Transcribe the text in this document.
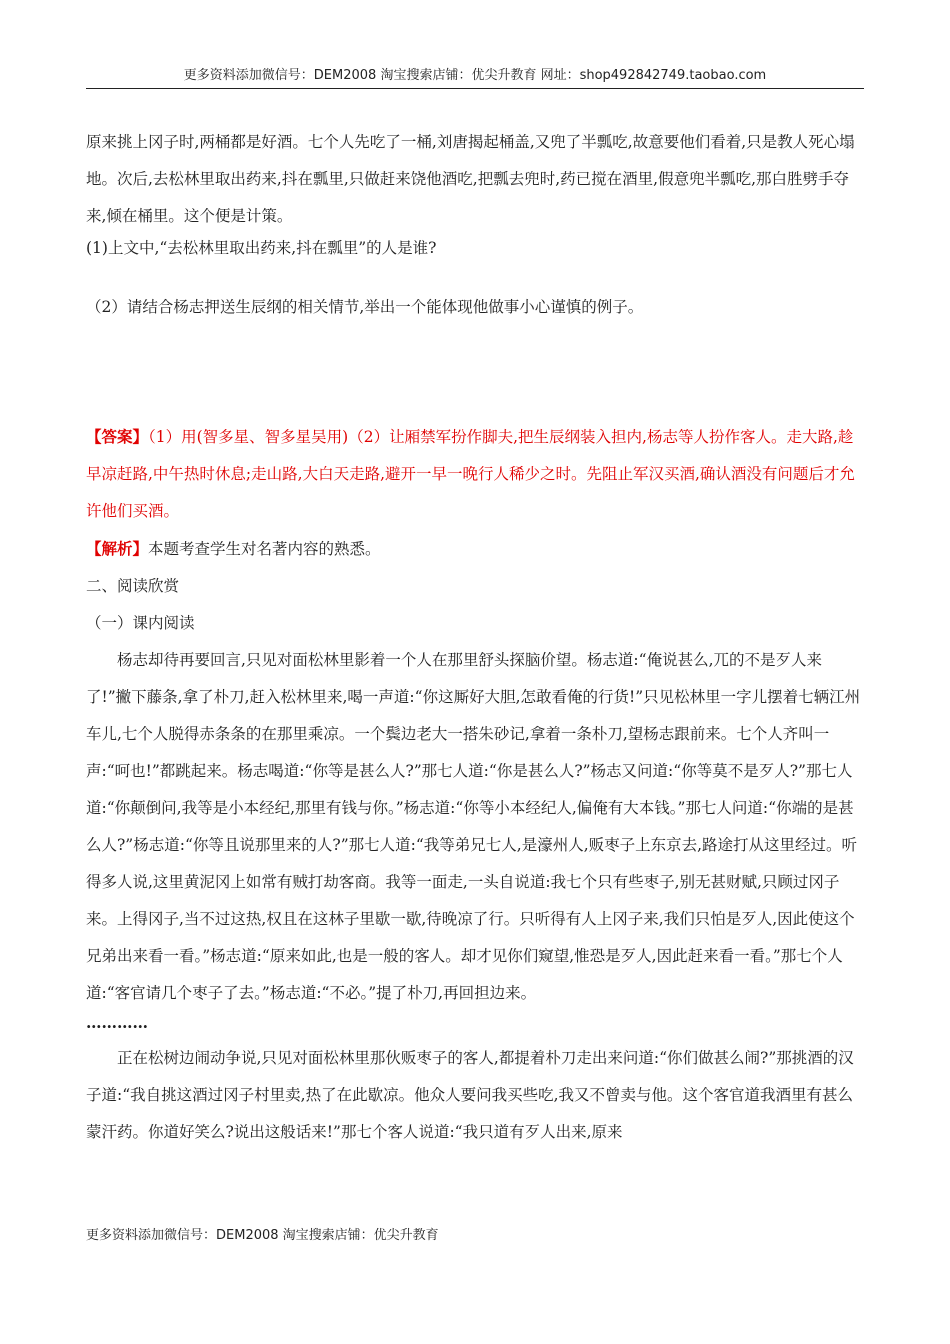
更多资料添加微信号：DEM2008 淘宝搜索店铺：优尖升教育 网址：shop492842749.taobao.com

原来挑上冈子时,两桶都是好酒。七个人先吃了一桶,刘唐揭起桶盖,又兜了半瓢吃,故意要他们看着,只是教人死心塌地。次后,去松林里取出药来,抖在瓢里,只做赶来饶他酒吃,把瓢去兜时,药已搅在酒里,假意兜半瓢吃,那白胜劈手夺来,倾在桶里。这个便是计策。

(1)上文中,“去松林里取出药来,抖在瓢里”的人是谁?

（2）请结合杨志押送生辰纲的相关情节,举出一个能体现他做事小心谨慎的例子。

【答案】（1）用(智多星、智多星吴用)（2）让厢禁军扮作脚夫,把生辰纲装入担内,杨志等人扮作客人。走大路,趁早凉赶路,中午热时休息;走山路,大白天走路,避开一早一晚行人稀少之时。先阻止军汉买酒,确认酒没有问题后才允许他们买酒。

【解析】本题考查学生对名著内容的熟悉。

二、阅读欣赏

（一）课内阅读

杨志却待再要回言,只见对面松林里影着一个人在那里舒头探脑价望。杨志道:“俺说甚么,兀的不是歹人来了!”撇下藤条,拿了朴刀,赶入松林里来,喝一声道:“你这厮好大胆,怎敢看俺的行货!”只见松林里一字儿摆着七辆江州车儿,七个人脱得赤条条的在那里乘凉。一个鬓边老大一搭朱砂记,拿着一条朴刀,望杨志跟前来。七个人齐叫一声:“呵也!”都跳起来。杨志喝道:“你等是甚么人?”那七人道:“你是甚么人?”杨志又问道:“你等莫不是歹人?”那七人道:“你颠倒问,我等是小本经纪,那里有钱与你。”杨志道:“你等小本经纪人,偏俺有大本钱。”那七人问道:“你端的是甚么人?”杨志道:“你等且说那里来的人?”那七人道:“我等弟兄七人,是濠州人,贩枣子上东京去,路途打从这里经过。听得多人说,这里黄泥冈上如常有贼打劫客商。我等一面走,一头自说道:我七个只有些枣子,别无甚财赋,只顾过冈子来。上得冈子,当不过这热,权且在这林子里歇一歇,待晚凉了行。只听得有人上冈子来,我们只怕是歹人,因此使这个兄弟出来看一看。”杨志道:“原来如此,也是一般的客人。却才见你们窥望,惟恐是歹人,因此赶来看一看。”那七个人道:“客官请几个枣子了去。”杨志道:“不必。”提了朴刀,再回担边来。

…………

正在松树边闹动争说,只见对面松林里那伙贩枣子的客人,都提着朴刀走出来问道:“你们做甚么闹?”那挑酒的汉子道:“我自挑这酒过冈子村里卖,热了在此歇凉。他众人要问我买些吃,我又不曾卖与他。这个客官道我酒里有甚么蒙汗药。你道好笑么?说出这般话来!”那七个客人说道:“我只道有歹人出来,原来

更多资料添加微信号：DEM2008 淘宝搜索店铺：优尖升教育
